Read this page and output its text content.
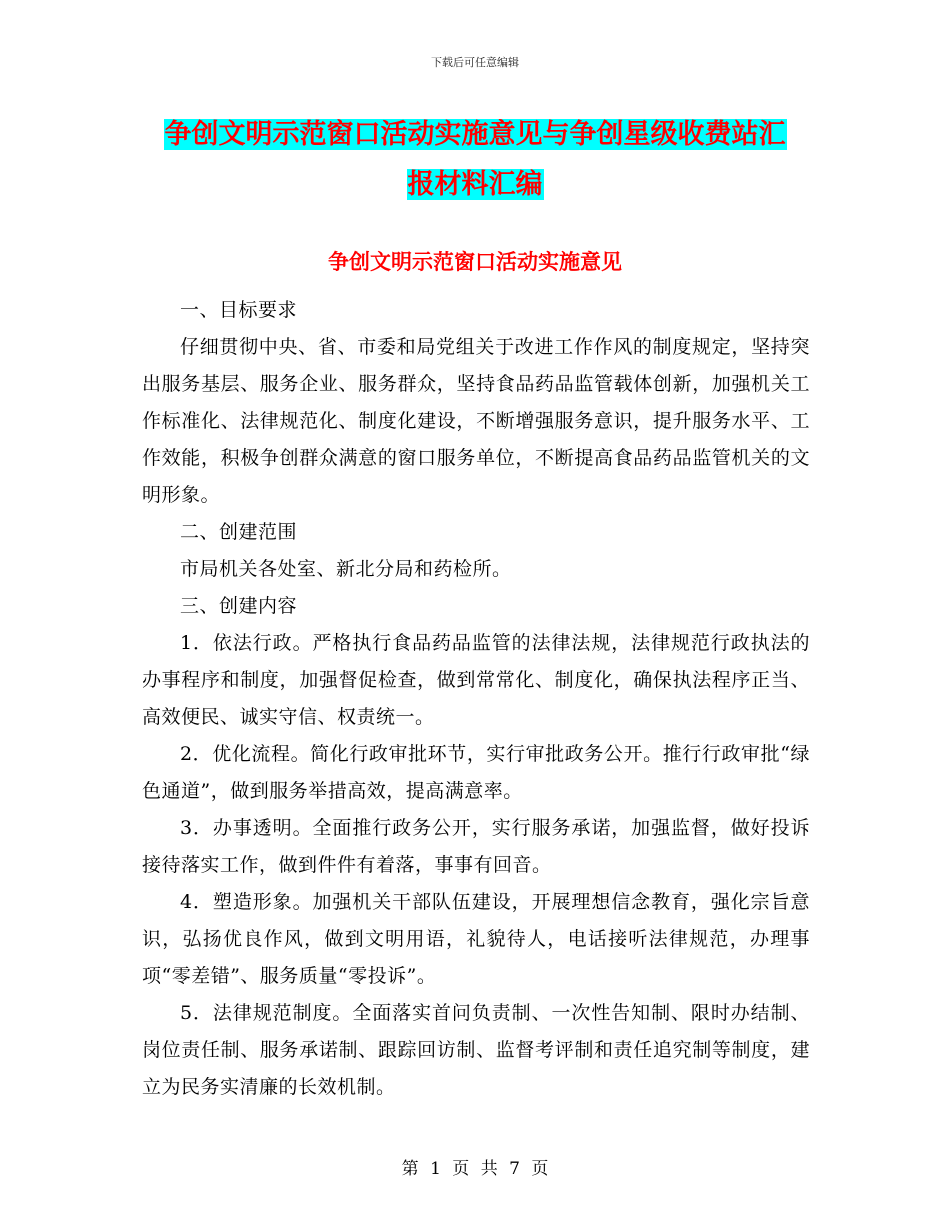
下载后可任意编辑
争创文明示范窗口活动实施意见与争创星级收费站汇
报材料汇编
争创文明示范窗口活动实施意见

一、目标要求

仔细贯彻中央、省、市委和局党组关于改进工作作风的制度规定，坚持突出服务基层、服务企业、服务群众，坚持食品药品监管载体创新，加强机关工作标准化、法律规范化、制度化建设，不断增强服务意识，提升服务水平、工作效能，积极争创群众满意的窗口服务单位，不断提高食品药品监管机关的文明形象。

二、创建范围

市局机关各处室、新北分局和药检所。

三、创建内容

1．依法行政。严格执行食品药品监管的法律法规，法律规范行政执法的办事程序和制度，加强督促检查，做到常常化、制度化，确保执法程序正当、高效便民、诚实守信、权责统一。

2．优化流程。简化行政审批环节，实行审批政务公开。推行行政审批“绿色通道”，做到服务举措高效，提高满意率。

3．办事透明。全面推行政务公开，实行服务承诺，加强监督，做好投诉接待落实工作，做到件件有着落，事事有回音。

4．塑造形象。加强机关干部队伍建设，开展理想信念教育，强化宗旨意识，弘扬优良作风，做到文明用语，礼貌待人，电话接听法律规范，办理事项“零差错”、服务质量“零投诉”。

5．法律规范制度。全面落实首问负责制、一次性告知制、限时办结制、岗位责任制、服务承诺制、跟踪回访制、监督考评制和责任追究制等制度，建立为民务实清廉的长效机制。

第 1 页 共 7 页
